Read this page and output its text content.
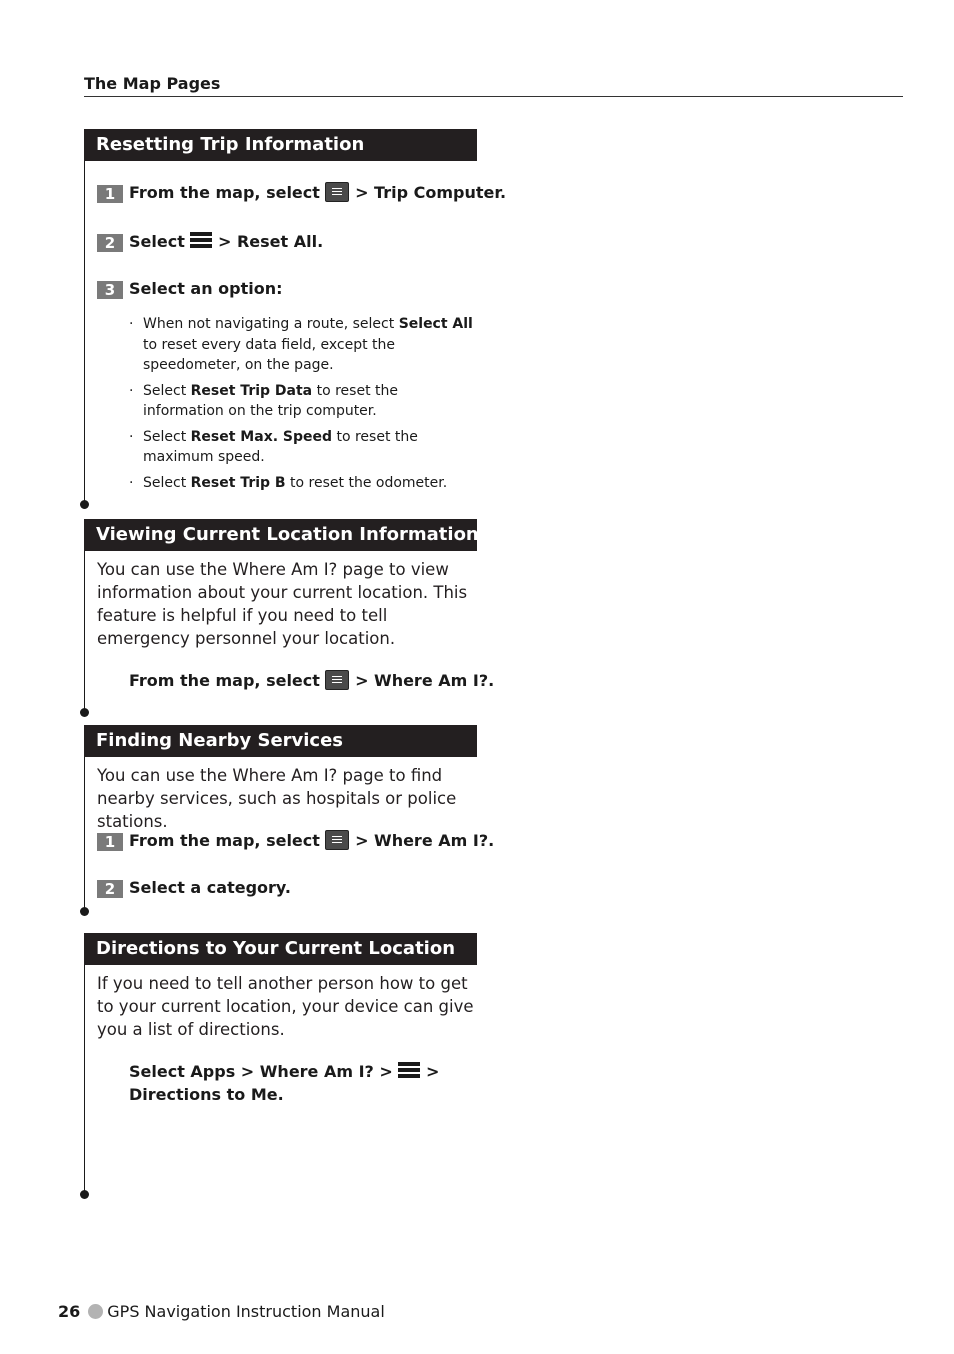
The Map Pages
Resetting Trip Information
1 From the map, select > Trip Computer.
2 Select > Reset All.
3 Select an option:
· When not navigating a route, select Select All to reset every data field, except the speedometer, on the page.
· Select Reset Trip Data to reset the information on the trip computer.
· Select Reset Max. Speed to reset the maximum speed.
· Select Reset Trip B to reset the odometer.
Viewing Current Location Information
You can use the Where Am I? page to view information about your current location. This feature is helpful if you need to tell emergency personnel your location.
From the map, select > Where Am I?.
Finding Nearby Services
You can use the Where Am I? page to find nearby services, such as hospitals or police stations.
1 From the map, select > Where Am I?.
2 Select a category.
Directions to Your Current Location
If you need to tell another person how to get to your current location, your device can give you a list of directions.
Select Apps > Where Am I? > >
Directions to Me.
26 GPS Navigation Instruction Manual
